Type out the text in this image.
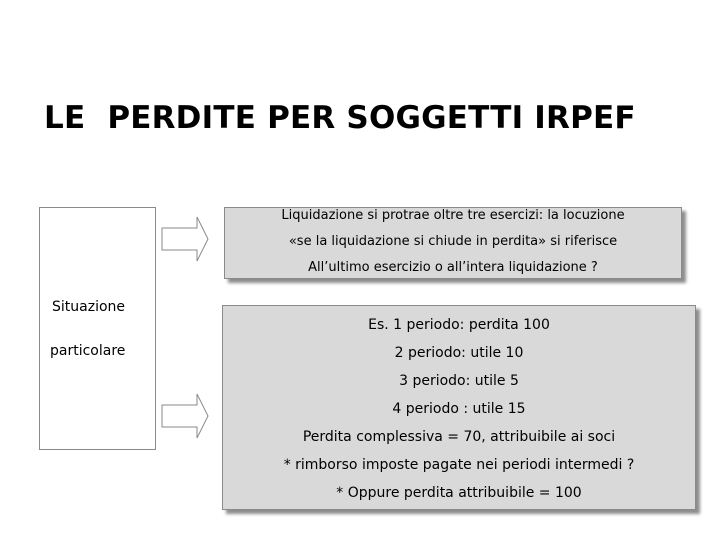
LE  PERDITE PER SOGGETTI IRPEF
Situazione
particolare
Liquidazione si protrae oltre tre esercizi: la locuzione
«se la liquidazione si chiude in perdita» si riferisce
All’ultimo esercizio o all’intera liquidazione ?
Es. 1 periodo: perdita 100
2 periodo: utile 10
3 periodo: utile 5
4 periodo : utile 15
Perdita complessiva = 70, attribuibile ai soci
* rimborso imposte pagate nei periodi intermedi ?
* Oppure perdita attribuibile = 100
